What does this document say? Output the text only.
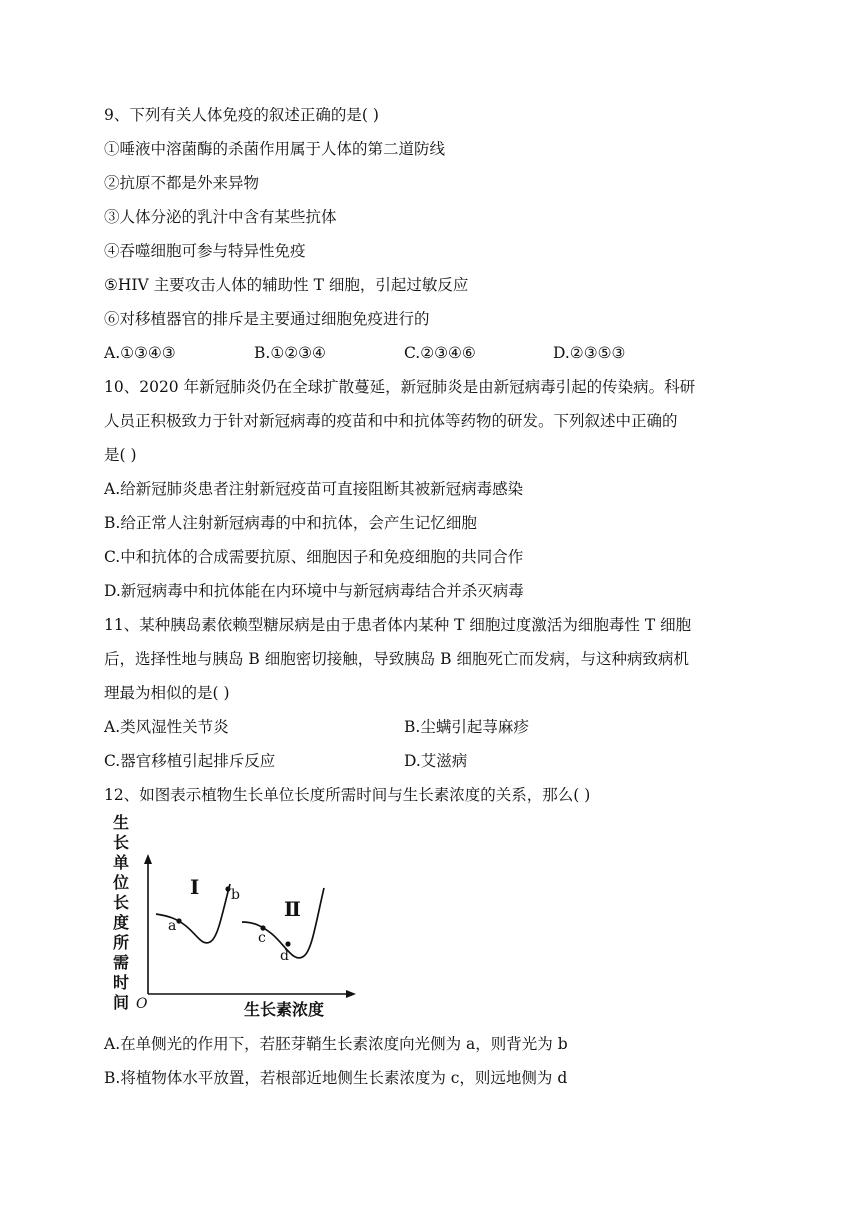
9、下列有关人体免疫的叙述正确的是( )
①唾液中溶菌酶的杀菌作用属于人体的第二道防线
②抗原不都是外来异物
③人体分泌的乳汁中含有某些抗体
④吞噬细胞可参与特异性免疫
⑤HIV 主要攻击人体的辅助性 T 细胞，引起过敏反应
⑥对移植器官的排斥是主要通过细胞免疫进行的
A.①③④③	B.①②③④	C.②③④⑥	D.②③⑤③
10、2020 年新冠肺炎仍在全球扩散蔓延，新冠肺炎是由新冠病毒引起的传染病。科研
人员正积极致力于针对新冠病毒的疫苗和中和抗体等药物的研发。下列叙述中正确的
是( )
A.给新冠肺炎患者注射新冠疫苗可直接阻断其被新冠病毒感染
B.给正常人注射新冠病毒的中和抗体，会产生记忆细胞
C.中和抗体的合成需要抗原、细胞因子和免疫细胞的共同合作
D.新冠病毒中和抗体能在内环境中与新冠病毒结合并杀灭病毒
11、某种胰岛素依赖型糖尿病是由于患者体内某种 T 细胞过度激活为细胞毒性 T 细胞
后，选择性地与胰岛 B 细胞密切接触，导致胰岛 B 细胞死亡而发病，与这种病致病机
理最为相似的是( )
A.类风湿性关节炎	B.尘螨引起荨麻疹
C.器官移植引起排斥反应	D.艾滋病
12、如图表示植物生长单位长度所需时间与生长素浓度的关系，那么( )
生
长
单
位
长
度
所
需
时
间 O	生长素浓度
a
b
Ⅰ
c
d
Ⅱ
A.在单侧光的作用下，若胚芽鞘生长素浓度向光侧为 a，则背光为 b
B.将植物体水平放置，若根部近地侧生长素浓度为 c，则远地侧为 d
